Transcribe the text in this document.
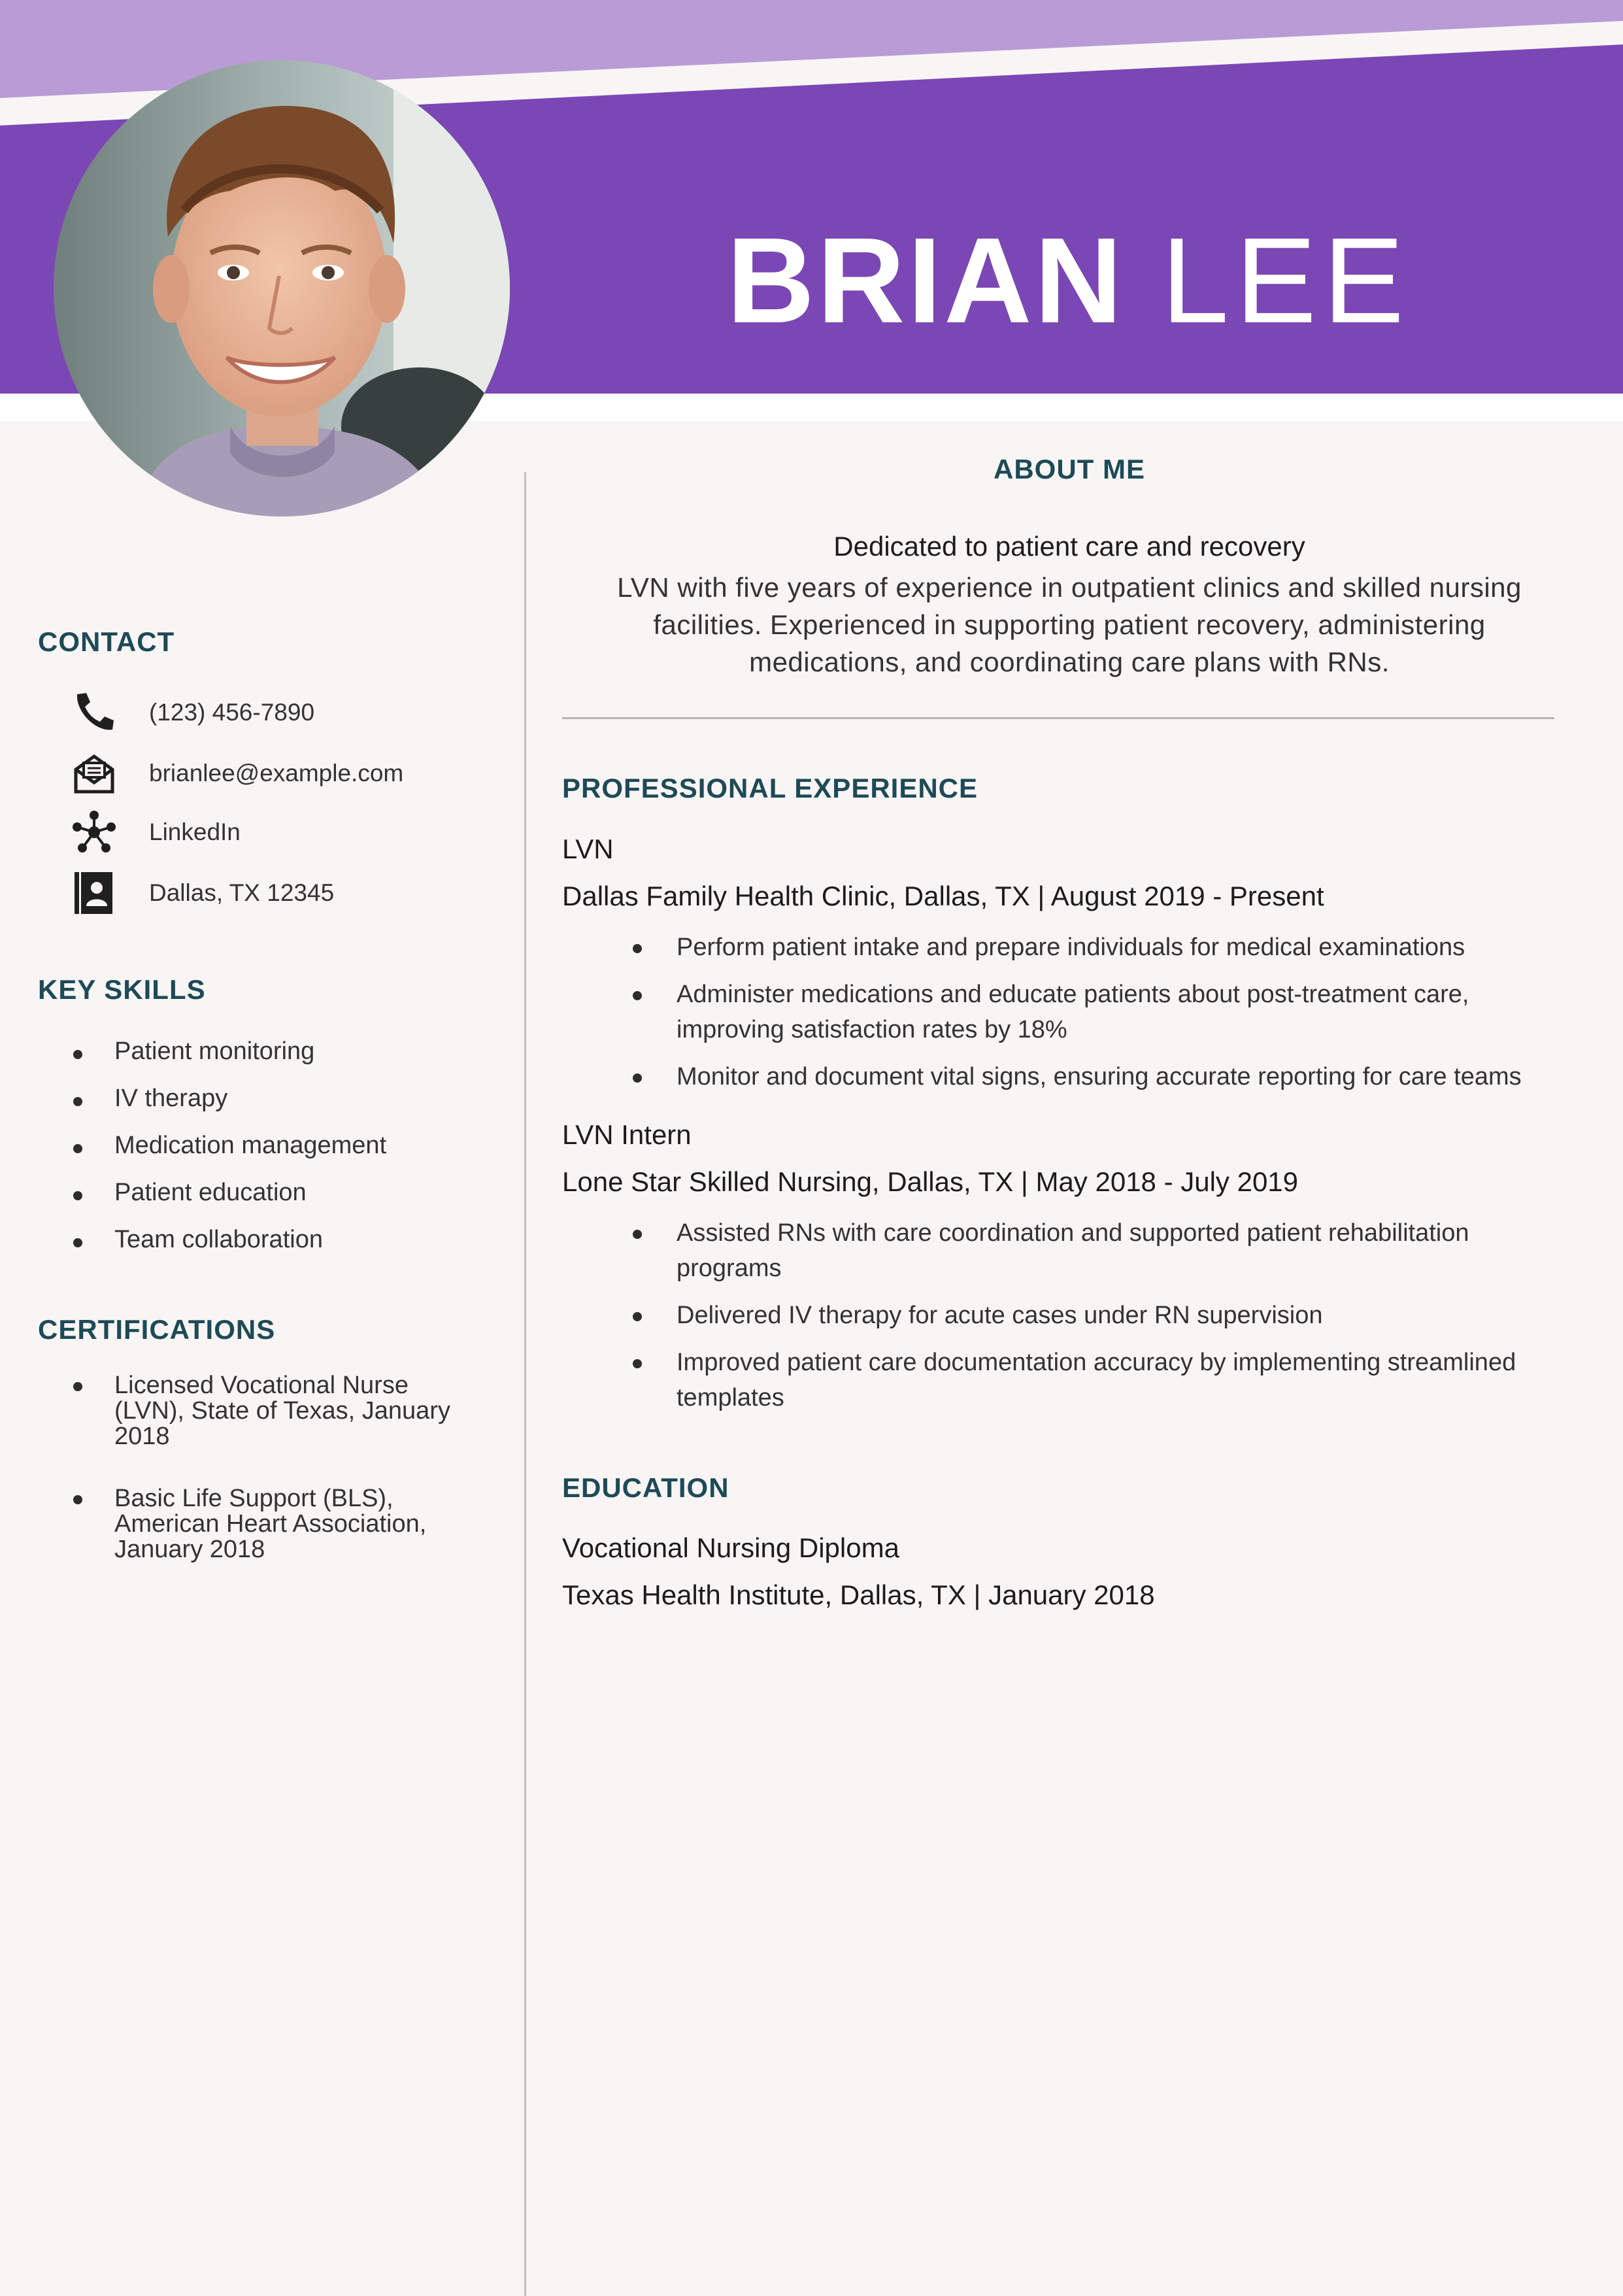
BRIAN LEE
CONTACT
(123) 456-7890
brianlee@example.com
LinkedIn
Dallas, TX 12345
KEY SKILLS
Patient monitoring
IV therapy
Medication management
Patient education
Team collaboration
CERTIFICATIONS
Licensed Vocational Nurse (LVN), State of Texas, January 2018
Basic Life Support (BLS), American Heart Association, January 2018
ABOUT ME
Dedicated to patient care and recovery
LVN with five years of experience in outpatient clinics and skilled nursing facilities. Experienced in supporting patient recovery, administering medications, and coordinating care plans with RNs.
PROFESSIONAL EXPERIENCE
LVN
Dallas Family Health Clinic, Dallas, TX | August 2019 - Present
Perform patient intake and prepare individuals for medical examinations
Administer medications and educate patients about post-treatment care, improving satisfaction rates by 18%
Monitor and document vital signs, ensuring accurate reporting for care teams
LVN Intern
Lone Star Skilled Nursing, Dallas, TX | May 2018 - July 2019
Assisted RNs with care coordination and supported patient rehabilitation programs
Delivered IV therapy for acute cases under RN supervision
Improved patient care documentation accuracy by implementing streamlined templates
EDUCATION
Vocational Nursing Diploma
Texas Health Institute, Dallas, TX | January 2018
